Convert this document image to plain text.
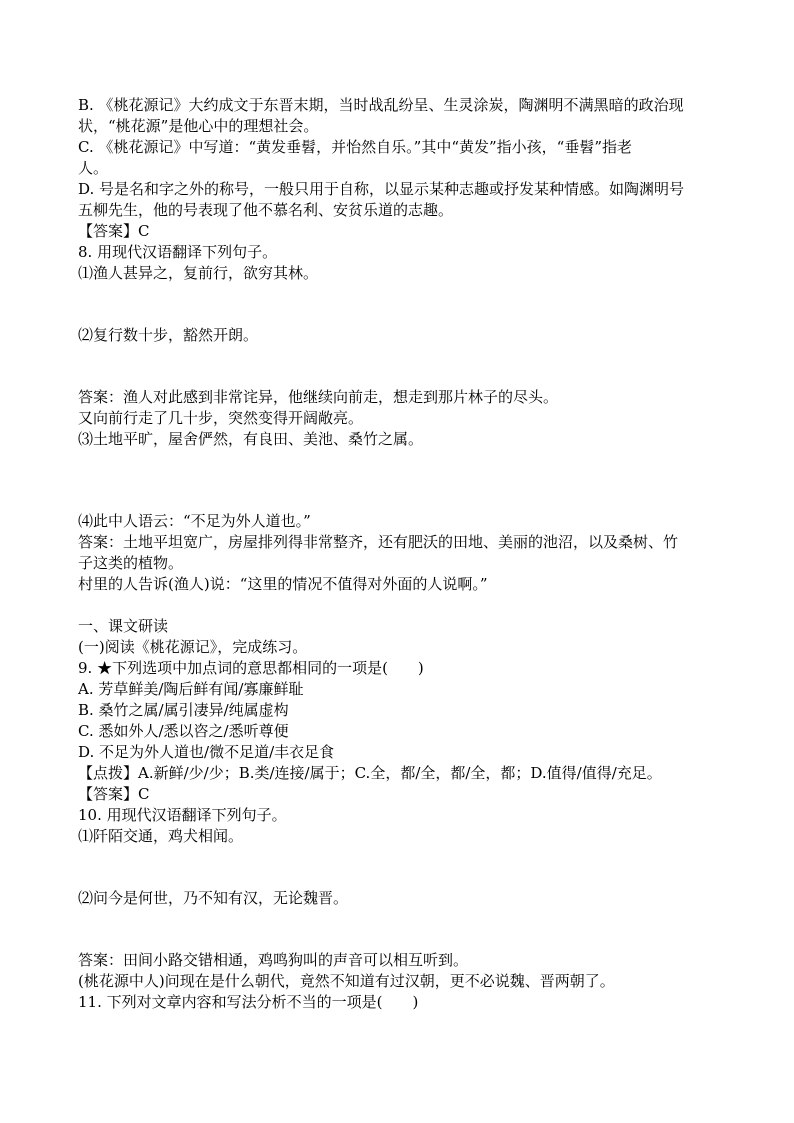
B. 《桃花源记》大约成文于东晋末期，当时战乱纷呈、生灵涂炭，陶渊明不满黑暗的政治现
状，“桃花源”是他心中的理想社会。
C. 《桃花源记》中写道：“黄发垂髫，并怡然自乐。”其中“黄发”指小孩，“垂髫”指老
人。
D. 号是名和字之外的称号，一般只用于自称，以显示某种志趣或抒发某种情感。如陶渊明号
五柳先生，他的号表现了他不慕名利、安贫乐道的志趣。
【答案】C
8. 用现代汉语翻译下列句子。
⑴渔人甚异之，复前行，欲穷其林。
⑵复行数十步，豁然开朗。
答案：渔人对此感到非常诧异，他继续向前走，想走到那片林子的尽头。
又向前行走了几十步，突然变得开阔敞亮。
⑶土地平旷，屋舍俨然，有良田、美池、桑竹之属。
⑷此中人语云：“不足为外人道也。”
答案：土地平坦宽广，房屋排列得非常整齐，还有肥沃的田地、美丽的池沼，以及桑树、竹
子这类的植物。
村里的人告诉(渔人)说：“这里的情况不值得对外面的人说啊。”
一、课文研读
(一)阅读《桃花源记》，完成练习。
9. ★下列选项中加点词的意思都相同的一项是(　　)
A. 芳草鲜美/陶后鲜有闻/寡廉鲜耻
B. 桑竹之属/属引凄异/纯属虚构
C. 悉如外人/悉以咨之/悉听尊便
D. 不足为外人道也/微不足道/丰衣足食
【点拨】A.新鲜/少/少；B.类/连接/属于；C.全，都/全，都/全，都；D.值得/值得/充足。
【答案】C
10. 用现代汉语翻译下列句子。
⑴阡陌交通，鸡犬相闻。
⑵问今是何世，乃不知有汉，无论魏晋。
答案：田间小路交错相通，鸡鸣狗叫的声音可以相互听到。
(桃花源中人)问现在是什么朝代，竟然不知道有过汉朝，更不必说魏、晋两朝了。
11. 下列对文章内容和写法分析不当的一项是(　　)
